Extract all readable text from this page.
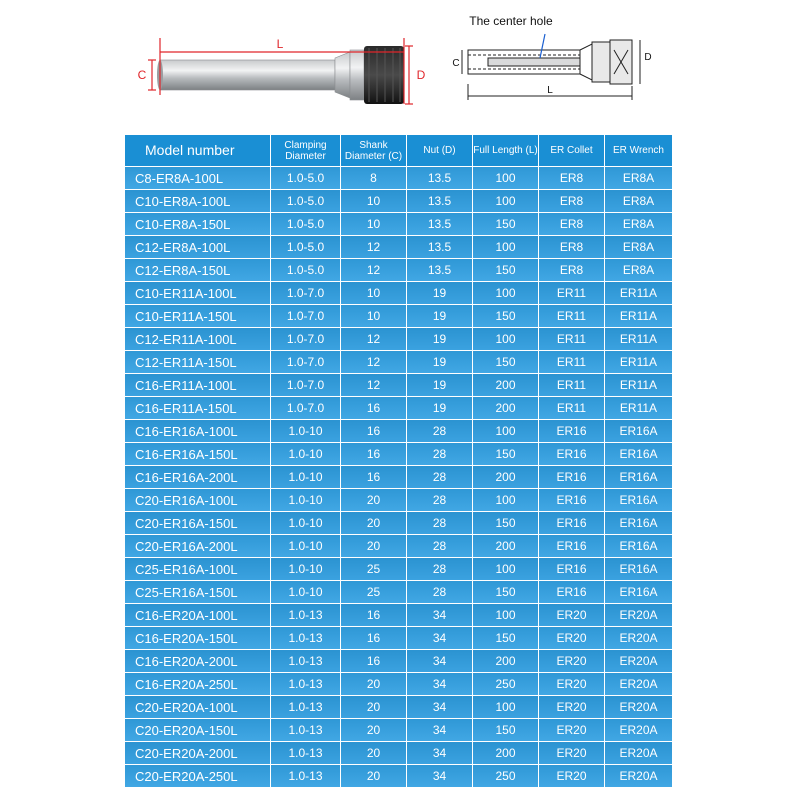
L
C	D
The center hole
L
C
D
Model number	Clamping Diameter	Shank Diameter (C)	Nut (D)	Full Length (L)	ER Collet	ER Wrench
C8-ER8A-100L	1.0-5.0	8	13.5	100	ER8	ER8A
C10-ER8A-100L	1.0-5.0	10	13.5	100	ER8	ER8A
C10-ER8A-150L	1.0-5.0	10	13.5	150	ER8	ER8A
C12-ER8A-100L	1.0-5.0	12	13.5	100	ER8	ER8A
C12-ER8A-150L	1.0-5.0	12	13.5	150	ER8	ER8A
C10-ER11A-100L	1.0-7.0	10	19	100	ER11	ER11A
C10-ER11A-150L	1.0-7.0	10	19	150	ER11	ER11A
C12-ER11A-100L	1.0-7.0	12	19	100	ER11	ER11A
C12-ER11A-150L	1.0-7.0	12	19	150	ER11	ER11A
C16-ER11A-100L	1.0-7.0	12	19	200	ER11	ER11A
C16-ER11A-150L	1.0-7.0	16	19	200	ER11	ER11A
C16-ER16A-100L	1.0-10	16	28	100	ER16	ER16A
C16-ER16A-150L	1.0-10	16	28	150	ER16	ER16A
C16-ER16A-200L	1.0-10	16	28	200	ER16	ER16A
C20-ER16A-100L	1.0-10	20	28	100	ER16	ER16A
C20-ER16A-150L	1.0-10	20	28	150	ER16	ER16A
C20-ER16A-200L	1.0-10	20	28	200	ER16	ER16A
C25-ER16A-100L	1.0-10	25	28	100	ER16	ER16A
C25-ER16A-150L	1.0-10	25	28	150	ER16	ER16A
C16-ER20A-100L	1.0-13	16	34	100	ER20	ER20A
C16-ER20A-150L	1.0-13	16	34	150	ER20	ER20A
C16-ER20A-200L	1.0-13	16	34	200	ER20	ER20A
C16-ER20A-250L	1.0-13	20	34	250	ER20	ER20A
C20-ER20A-100L	1.0-13	20	34	100	ER20	ER20A
C20-ER20A-150L	1.0-13	20	34	150	ER20	ER20A
C20-ER20A-200L	1.0-13	20	34	200	ER20	ER20A
C20-ER20A-250L	1.0-13	20	34	250	ER20	ER20A
